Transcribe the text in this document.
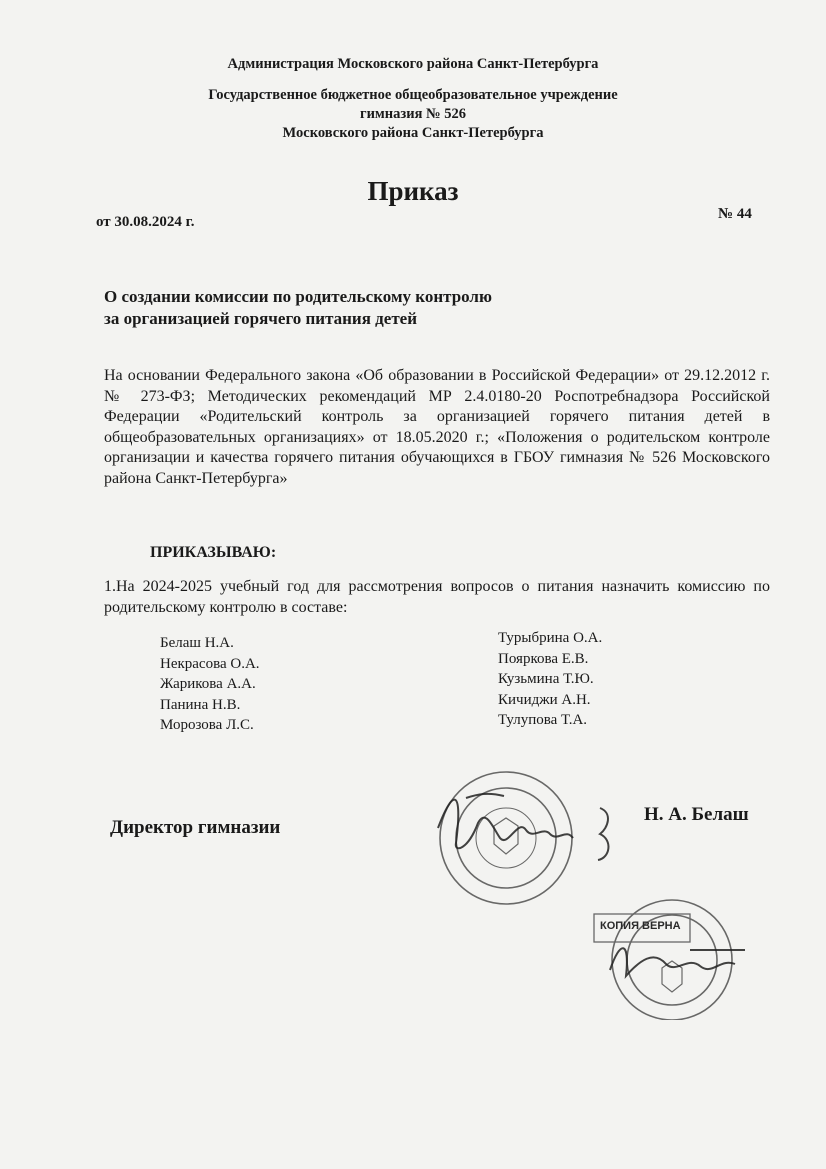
Администрация Московского района Санкт-Петербурга
Государственное бюджетное общеобразовательное учреждение
гимназия № 526
Московского района Санкт-Петербурга
Приказ
от 30.08.2024 г.	№ 44
О создании комиссии по родительскому контролю
за организацией горячего питания детей
На основании Федерального закона «Об образовании в Российской Федерации» от 29.12.2012 г. № 273-ФЗ; Методических рекомендаций МР 2.4.0180-20 Роспотребнадзора Российской Федерации «Родительский контроль за организацией горячего питания детей в общеобразовательных организациях» от 18.05.2020 г.; «Положения о родительском контроле организации и качества горячего питания обучающихся в ГБОУ гимназия № 526 Московского района Санкт-Петербурга»
ПРИКАЗЫВАЮ:
1.На 2024-2025 учебный год для рассмотрения вопросов о питания назначить комиссию по родительскому контролю в составе:
Белаш Н.А.
Некрасова О.А.
Жарикова А.А.
Панина Н.В.
Морозова Л.С.
Турыбрина О.А.
Пояркова Е.В.
Кузьмина Т.Ю.
Кичиджи А.Н.
Тулупова Т.А.
Директор гимназии
Н. А. Белаш
КОПИЯ ВЕРНА
